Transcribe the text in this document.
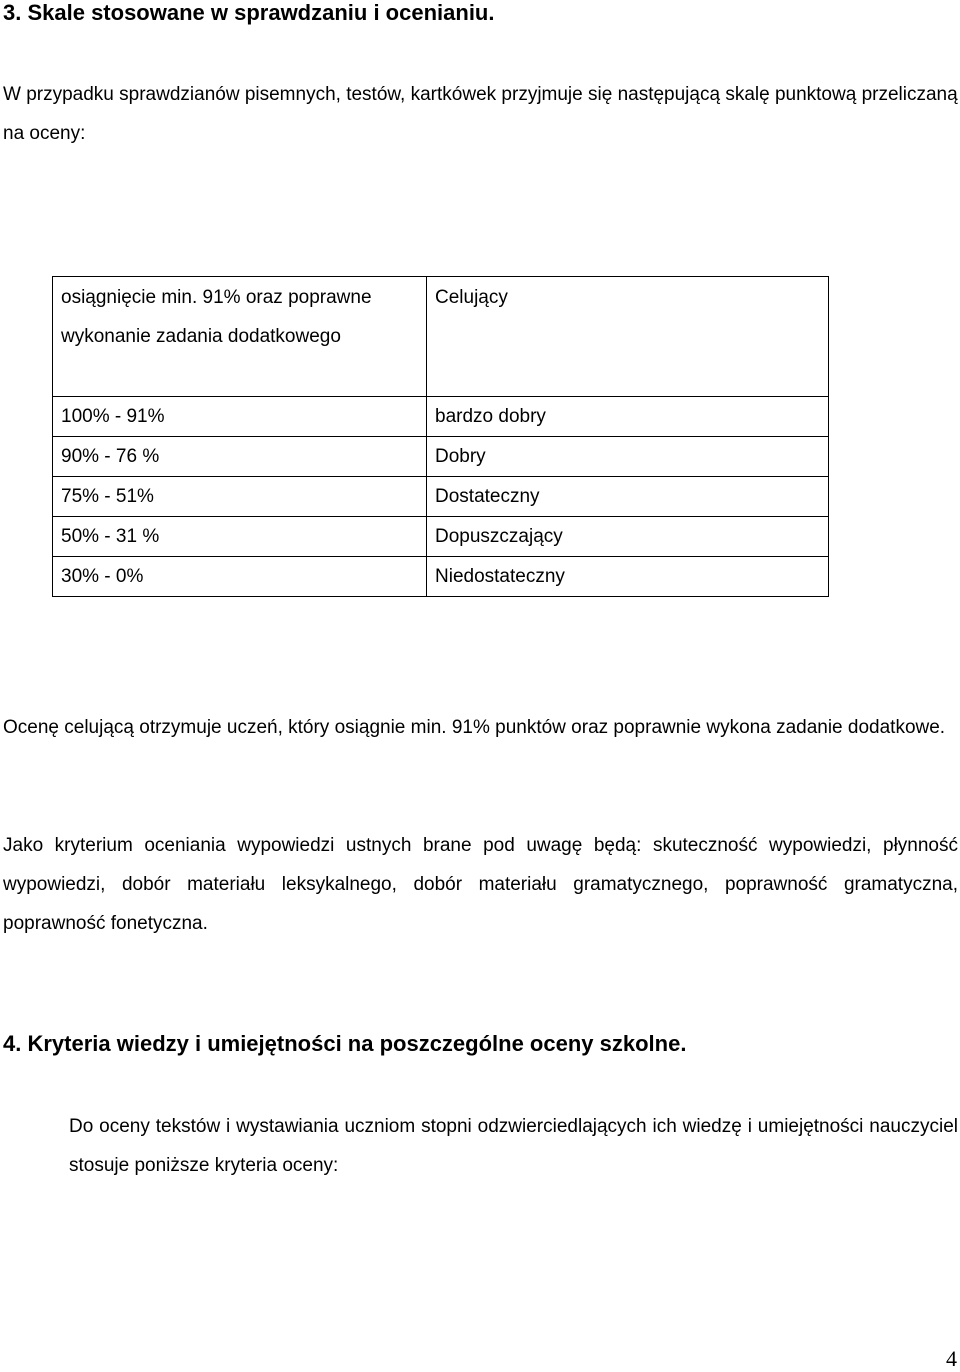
3. Skale stosowane w sprawdzaniu i ocenianiu.

W przypadku sprawdzianów pisemnych, testów, kartkówek przyjmuje się następującą skalę punktową przeliczaną na oceny:

osiągnięcie min. 91% oraz poprawne wykonanie zadania dodatkowego	Celujący
100% - 91%	bardzo dobry
90% - 76 %	Dobry
75% - 51%	Dostateczny
50% - 31 %	Dopuszczający
30% - 0%	Niedostateczny

Ocenę celującą otrzymuje uczeń, który osiągnie min. 91% punktów oraz poprawnie wykona zadanie dodatkowe.

Jako kryterium oceniania wypowiedzi ustnych brane pod uwagę będą: skuteczność wypowiedzi, płynność wypowiedzi, dobór materiału leksykalnego, dobór materiału gramatycznego, poprawność gramatyczna, poprawność fonetyczna.

4. Kryteria wiedzy i umiejętności na poszczególne oceny szkolne.

Do oceny tekstów i wystawiania uczniom stopni odzwierciedlających ich wiedzę i umiejętności nauczyciel stosuje poniższe kryteria oceny:

4
